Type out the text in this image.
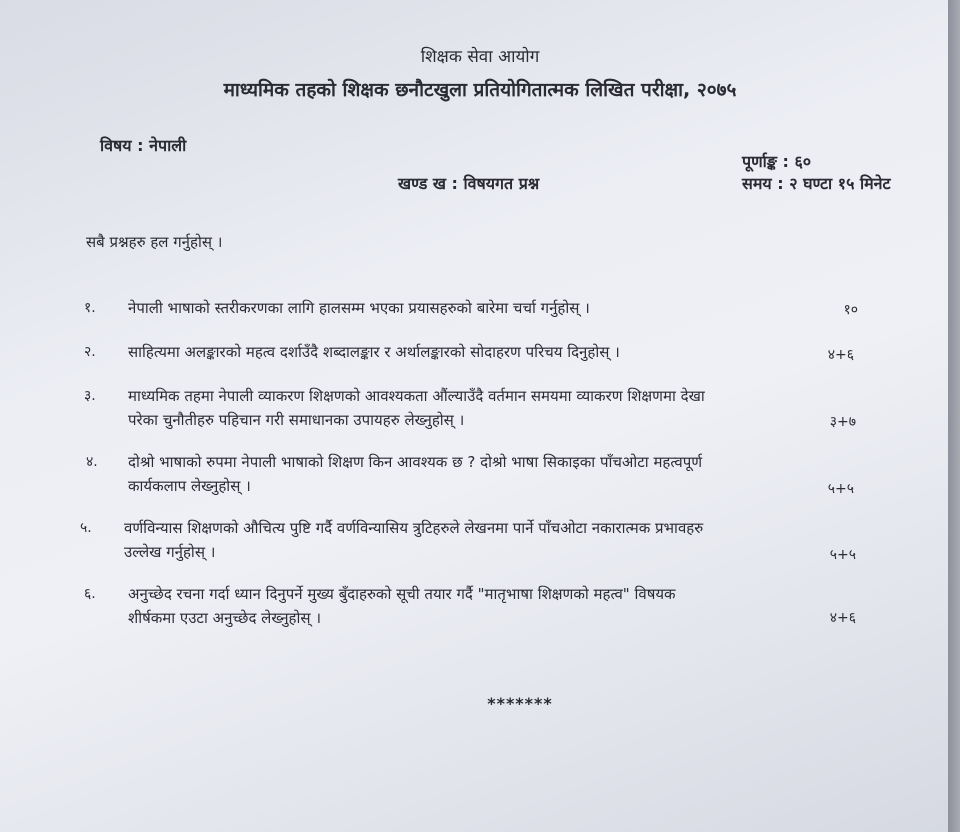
शिक्षक सेवा आयोग
माध्यमिक तहको शिक्षक छनौटखुला प्रतियोगितात्मक लिखित परीक्षा, २०७५
विषय : नेपाली
पूर्णाङ्क : ६०
खण्ड ख : विषयगत प्रश्न	समय : २ घण्टा १५ मिनेट
सबै प्रश्नहरु हल गर्नुहोस् ।
१. नेपाली भाषाको स्तरीकरणका लागि हालसम्म भएका प्रयासहरुको बारेमा चर्चा गर्नुहोस् ।	१०
२. साहित्यमा अलङ्कारको महत्व दर्शाउँदै शब्दालङ्कार र अर्थालङ्कारको सोदाहरण परिचय दिनुहोस् ।	४+६
३. माध्यमिक तहमा नेपाली व्याकरण शिक्षणको आवश्यकता औंल्याउँदै वर्तमान समयमा व्याकरण शिक्षणमा देखा
परेका चुनौतीहरु पहिचान गरी समाधानका उपायहरु लेख्नुहोस् ।	३+७
४. दोश्रो भाषाको रुपमा नेपाली भाषाको शिक्षण किन आवश्यक छ ? दोश्रो भाषा सिकाइका पाँचओटा महत्वपूर्ण
कार्यकलाप लेख्नुहोस् ।	५+५
५. वर्णविन्यास शिक्षणको औचित्य पुष्टि गर्दै वर्णविन्यासिय त्रुटिहरुले लेखनमा पार्ने पाँचओटा नकारात्मक प्रभावहरु
उल्लेख गर्नुहोस् ।	५+५
६. अनुच्छेद रचना गर्दा ध्यान दिनुपर्ने मुख्य बुँदाहरुको सूची तयार गर्दै "मातृभाषा शिक्षणको महत्व" विषयक
शीर्षकमा एउटा अनुच्छेद लेख्नुहोस् ।	४+६
*******
